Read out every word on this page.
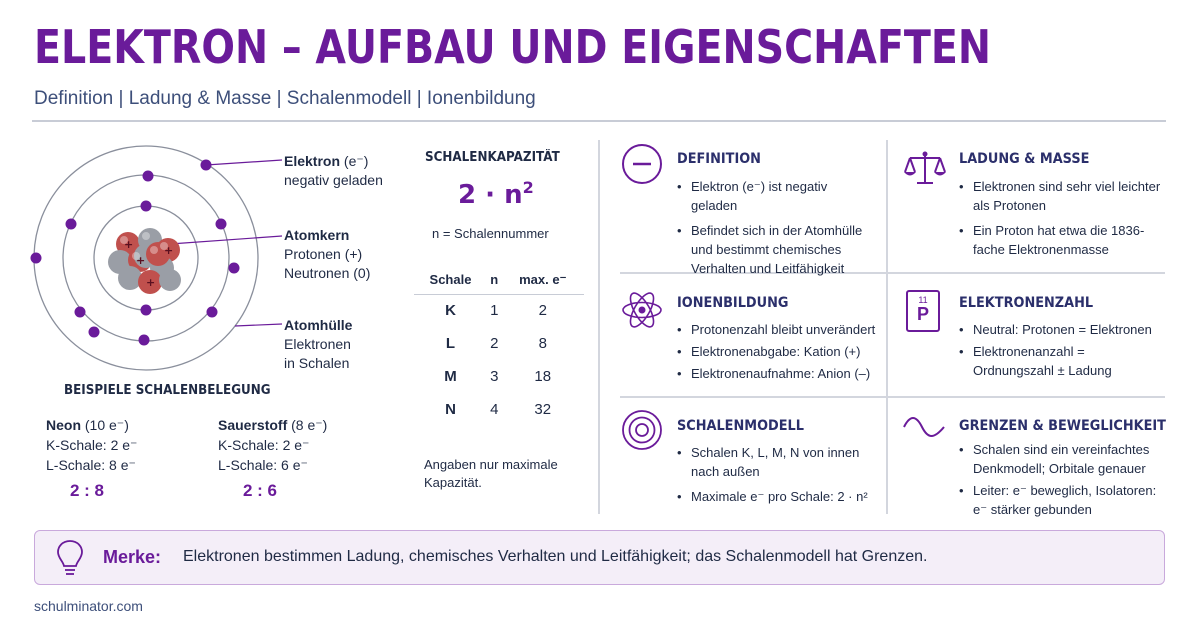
ELEKTRON – AUFBAU UND EIGENSCHAFTEN
Definition | Ladung & Masse | Schalenmodell | Ionenbildung
+
+
+
+
Elektron (e⁻)
negativ geladen
Atomkern
Protonen (+)
Neutronen (0)
Atomhülle
Elektronen
in Schalen
BEISPIELE SCHALENBELEGUNG
Neon (10 e⁻)
K-Schale: 2 e⁻
L-Schale: 8 e⁻
2 : 8
Sauerstoff (8 e⁻)
K-Schale: 2 e⁻
L-Schale: 6 e⁻
2 : 6
SCHALENKAPAZITÄT
$2 \cdot n^2$
n = Schalennummer
Schale	n	max. e⁻
K	1	2
L	2	8
M	3	18
N	4	32
Angaben nur maximale Kapazität.
DEFINITION
• Elektron (e⁻) ist negativ geladen
• Befindet sich in der Atomhülle und bestimmt chemisches Verhalten und Leitfähigkeit
LADUNG & MASSE
• Elektronen sind sehr viel leichter als Protonen
• Ein Proton hat etwa die 1836-fache Elektronenmasse
IONENBILDUNG
• Protonenzahl bleibt unverändert
• Elektronenabgabe: Kation (+)
• Elektronenaufnahme: Anion (–)
11
P
ELEKTRONENZAHL
• Neutral: Protonen = Elektronen
• Elektronenanzahl = Ordnungszahl ± Ladung
SCHALENMODELL
• Schalen K, L, M, N von innen nach außen
• Maximale e⁻ pro Schale: 2 · n²
GRENZEN & BEWEGLICHKEIT
• Schalen sind ein vereinfachtes Denkmodell; Orbitale genauer
• Leiter: e⁻ beweglich, Isolatoren: e⁻ stärker gebunden
Merke: Elektronen bestimmen Ladung, chemisches Verhalten und Leitfähigkeit; das Schalenmodell hat Grenzen.
schulminator.com
